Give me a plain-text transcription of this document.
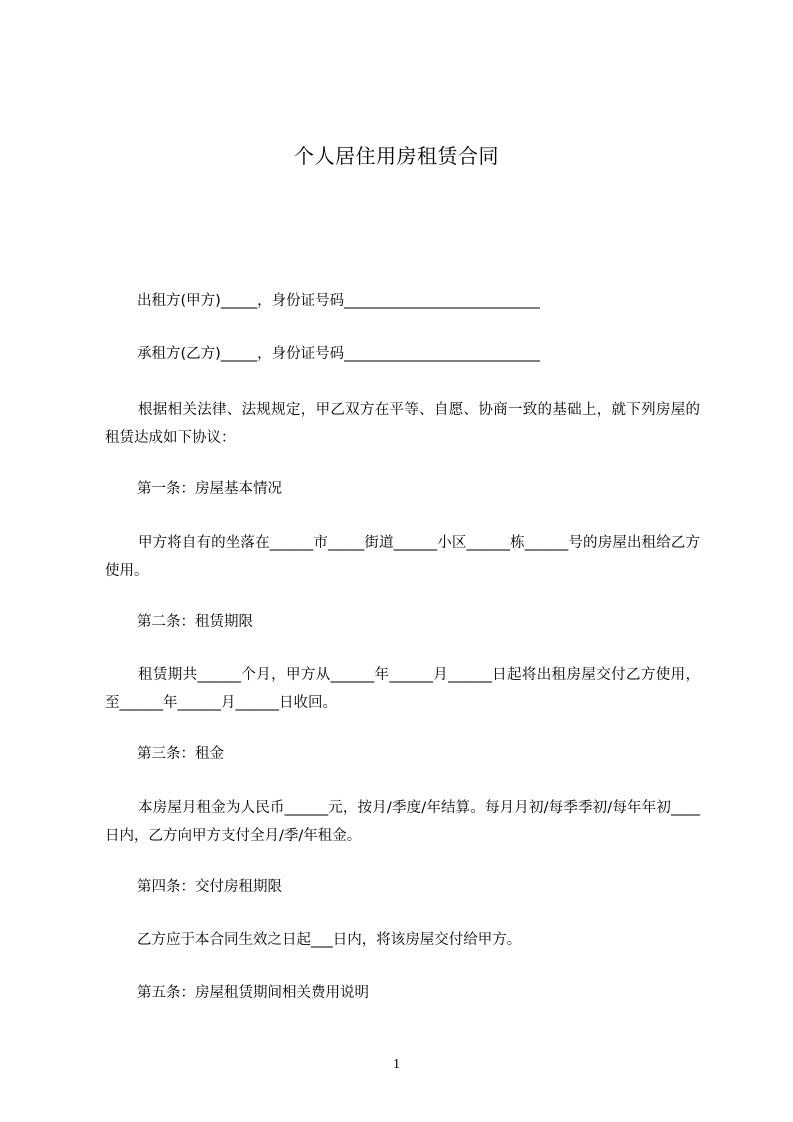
个人居住用房租赁合同
出租方(甲方)_____，身份证号码___________________________
承租方(乙方)_____，身份证号码___________________________
根据相关法律、法规规定，甲乙双方在平等、自愿、协商一致的基础上，就下列房屋的租赁达成如下协议：
第一条：房屋基本情况
甲方将自有的坐落在______市_____街道______小区______栋______号的房屋出租给乙方使用。
第二条：租赁期限
租赁期共______个月，甲方从______年______月______日起将出租房屋交付乙方使用，至______年______月______日收回。
第三条：租金
本房屋月租金为人民币______元，按月/季度/年结算。每月月初/每季季初/每年年初____日内，乙方向甲方支付全月/季/年租金。
第四条：交付房租期限
乙方应于本合同生效之日起___日内，将该房屋交付给甲方。
第五条：房屋租赁期间相关费用说明
1
